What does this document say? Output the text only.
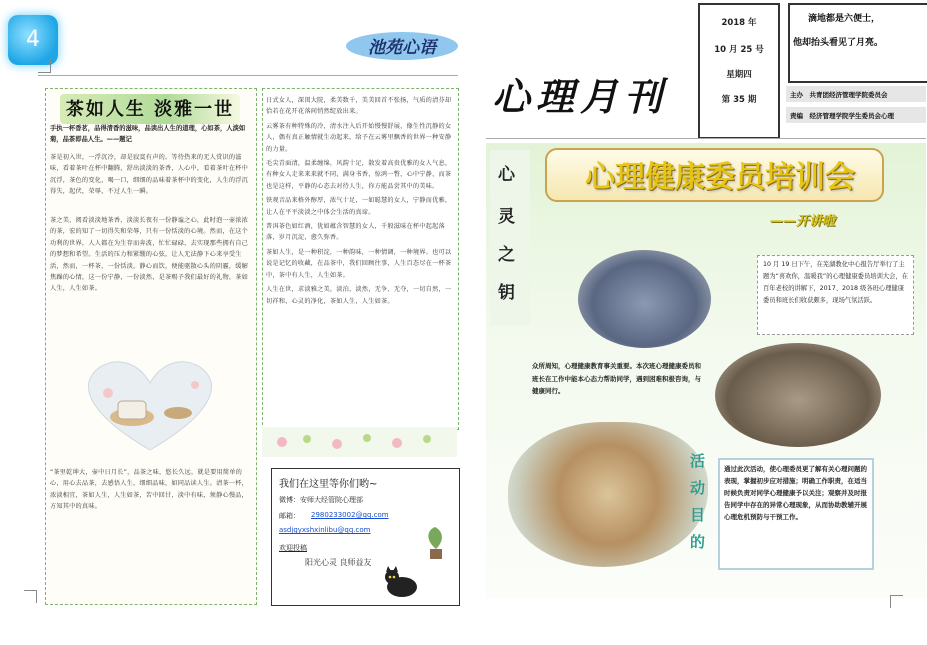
4	池苑心语
茶如人生 淡雅一世
手执一杯香茗，品得清香的滋味，品读出人生的道理，心如茶，人淡如菊，品茶即品人生。——题记
茶是初入世，一浮沉冷，却是寂寞有声的。等待热来的无人赏识的滋味，看着茶叶在杯中翻腾，舒出淡淡的茶香，人心中，看着茶叶在杯中沉浮，茶色的变化，喝一口，细细的品味着茶杯中的变化，人生的浮沉得失，起伏，荣辱，不过人生一瞬。
茶之美，阅看淡淡地茶香，淡淡长夜有一份静谧之心，此时泡一壶浓浓的茶，宏的知了一切得失和荣辱，只有一份恬淡的心境。然而，在这个功利的世界，人人都在为生存而奔波，忙忙碌碌，去实现那些拥有自己的梦想和希望。生活的压力和紧绷的心弦，让人无法静下心来享受生活，然而，一杯茶，一份恬淡，静心而饮，便能驱散心头的阴霾，缓解焦躁的心情，这一份宁静，一份淡然，是茶赐予我们最好的礼物，茶如人生，人生如茶。
“茶里乾坤大，壶中日月长”，品茶之味，悠长久远，就是要用简单的心，用心去品茶，去感悟人生，细细品味，如同品读人生。清茶一杯，浓淡相宜，茶如人生，人生如茶，苦中回甘，淡中有味，须静心慢品，方知其中的真味。
日式女人，深闺大院，柔美数千，美美回首不张扬，气质的清芬却恰若在花开花落间悄然绽放出来。
云雾茶有种特殊的冷，清水注入后开始慢慢舒展，像生性沉静的女人，偶有真正触情就生动起来，给予在云雾里飘香的世界一种安静的力量。
毛尖青面清，温柔缠绵，风韵十足，散发着高贵优雅的女人气息，有种女人走来来来就不同，满身书香，惊鸿一瞥，心中宁静，而茶也是这样，平静的心态去对待人生，你方能品尝其中的美味。
铁观音品来格外醇厚，浓气十足，一如聪慧的女人，宁静而优雅，让人在平平淡淡之中体会生活的真谛。
普洱茶色如红酒，犹如蕴含智慧的女人，千般滋味在杯中起起落落，岁月沉淀，愈久弥香。
茶如人生，是一种积淀，一种韵味，一种情调，一种境界。也可以说是记忆的收藏，在品茶中，我们回顾往事，人生百态尽在一杯茶中，茶中有人生，人生如茶。
人生在世，求淡雅之美，淡泊、淡然，无争、无夺，一切自然，一切祥和，心灵的净化，茶如人生，人生如茶。
我们在这里等你们哟~
微博：安师大经管院心理部
邮箱： 2980233002@qq.com
asdjgyxshxinlibu@qq.com
欢迎投稿
阳光心灵 良师益友
心理月刊
2018 年
10 月 25 号
星期四
第 35 期
滴地都是六便士，
他却抬头看见了月亮。
主办　共青团经济管理学院委员会
责编　经济管理学院学生委员会心理
心
灵
之
钥
心理健康委员培训会
——开讲啦
10 月 19 日下午，在芜湖教化中心报告厅举行了主题为“喜欢你，温暖我”的心理健康委员培训大会，在百年老校的讲解下，2017、2018 级各班心理健康委员和班长们收获颇多，现场气氛活跃。
众所周知，心理健康教育事关重要。本次班心理健康委员和班长在工作中能本心态力帮助同学，遇到困难积极咨询，与健康同行。
活
动
目
的
通过此次活动，使心理委员更了解有关心理问题的表现，掌握初步应对措施；明确工作职责，在适当时候负责对同学心理健康予以关注；观察并及时报告同学中存在的异常心理现象，从而协助教辅开展心理危机预防与干预工作。
